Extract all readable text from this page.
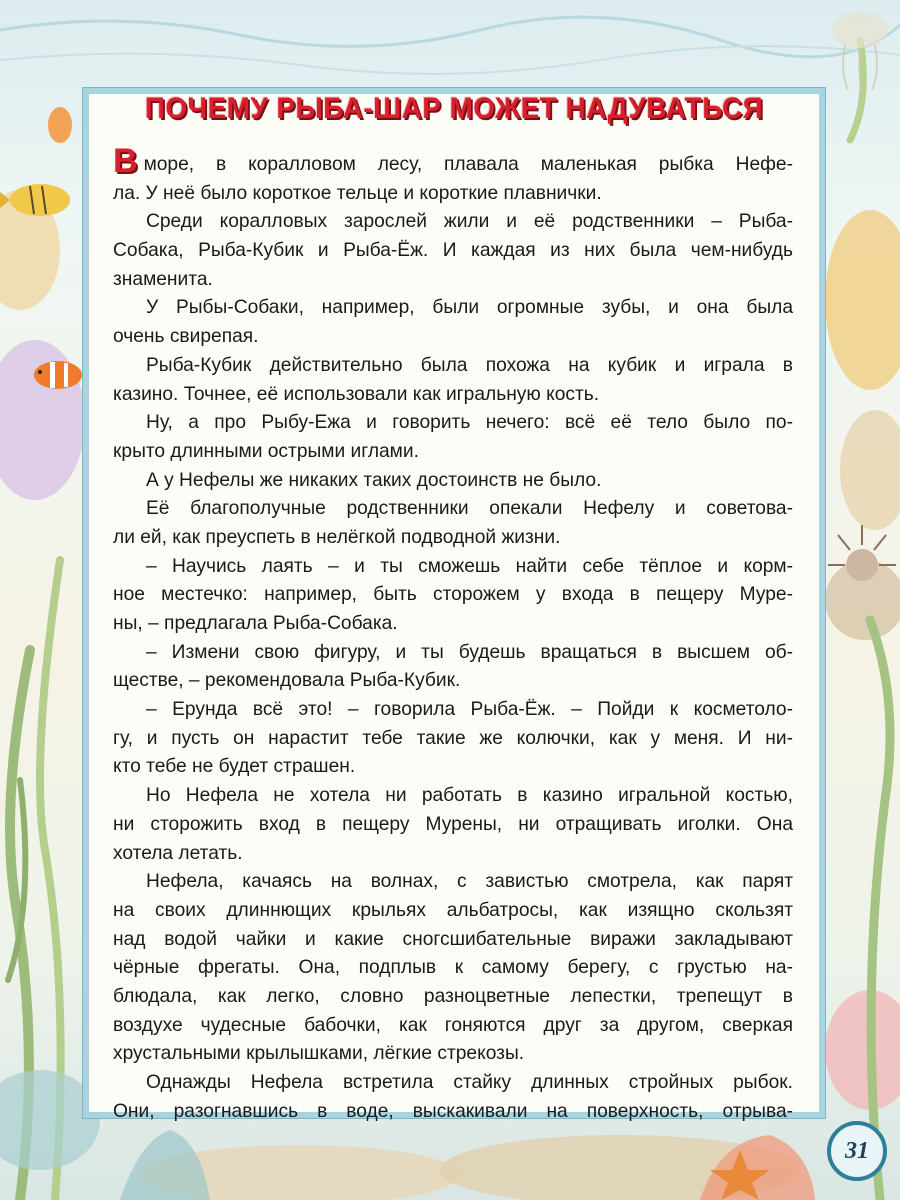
ПОЧЕМУ РЫБА-ШАР МОЖЕТ НАДУВАТЬСЯ
Вморе, в коралловом лесу, плавала маленькая рыбка Нефе-
ла. У неё было короткое тельце и короткие плавнички.
Среди коралловых зарослей жили и её родственники – Рыба-
Собака, Рыба-Кубик и Рыба-Ёж. И каждая из них была чем-нибудь
знаменита.
У Рыбы-Собаки, например, были огромные зубы, и она была
очень свирепая.
Рыба-Кубик действительно была похожа на кубик и играла в
казино. Точнее, её использовали как игральную кость.
Ну, а про Рыбу-Ежа и говорить нечего: всё её тело было по-
крыто длинными острыми иглами.
А у Нефелы же никаких таких достоинств не было.
Её благополучные родственники опекали Нефелу и советова-
ли ей, как преуспеть в нелёгкой подводной жизни.
– Научись лаять – и ты сможешь найти себе тёплое и корм-
ное местечко: например, быть сторожем у входа в пещеру Муре-
ны, – предлагала Рыба-Собака.
– Измени свою фигуру, и ты будешь вращаться в высшем об-
ществе, – рекомендовала Рыба-Кубик.
– Ерунда всё это! – говорила Рыба-Ёж. – Пойди к косметоло-
гу, и пусть он нарастит тебе такие же колючки, как у меня. И ни-
кто тебе не будет страшен.
Но Нефела не хотела ни работать в казино игральной костью,
ни сторожить вход в пещеру Мурены, ни отращивать иголки. Она
хотела летать.
Нефела, качаясь на волнах, с завистью смотрела, как парят
на своих длиннющих крыльях альбатросы, как изящно скользят
над водой чайки и какие сногсшибательные виражи закладывают
чёрные фрегаты. Она, подплыв к самому берегу, с грустью на-
блюдала, как легко, словно разноцветные лепестки, трепещут в
воздухе чудесные бабочки, как гоняются друг за другом, сверкая
хрустальными крылышками, лёгкие стрекозы.
Однажды Нефела встретила стайку длинных стройных рыбок.
Они, разогнавшись в воде, выскакивали на поверхность, отрыва-
31
